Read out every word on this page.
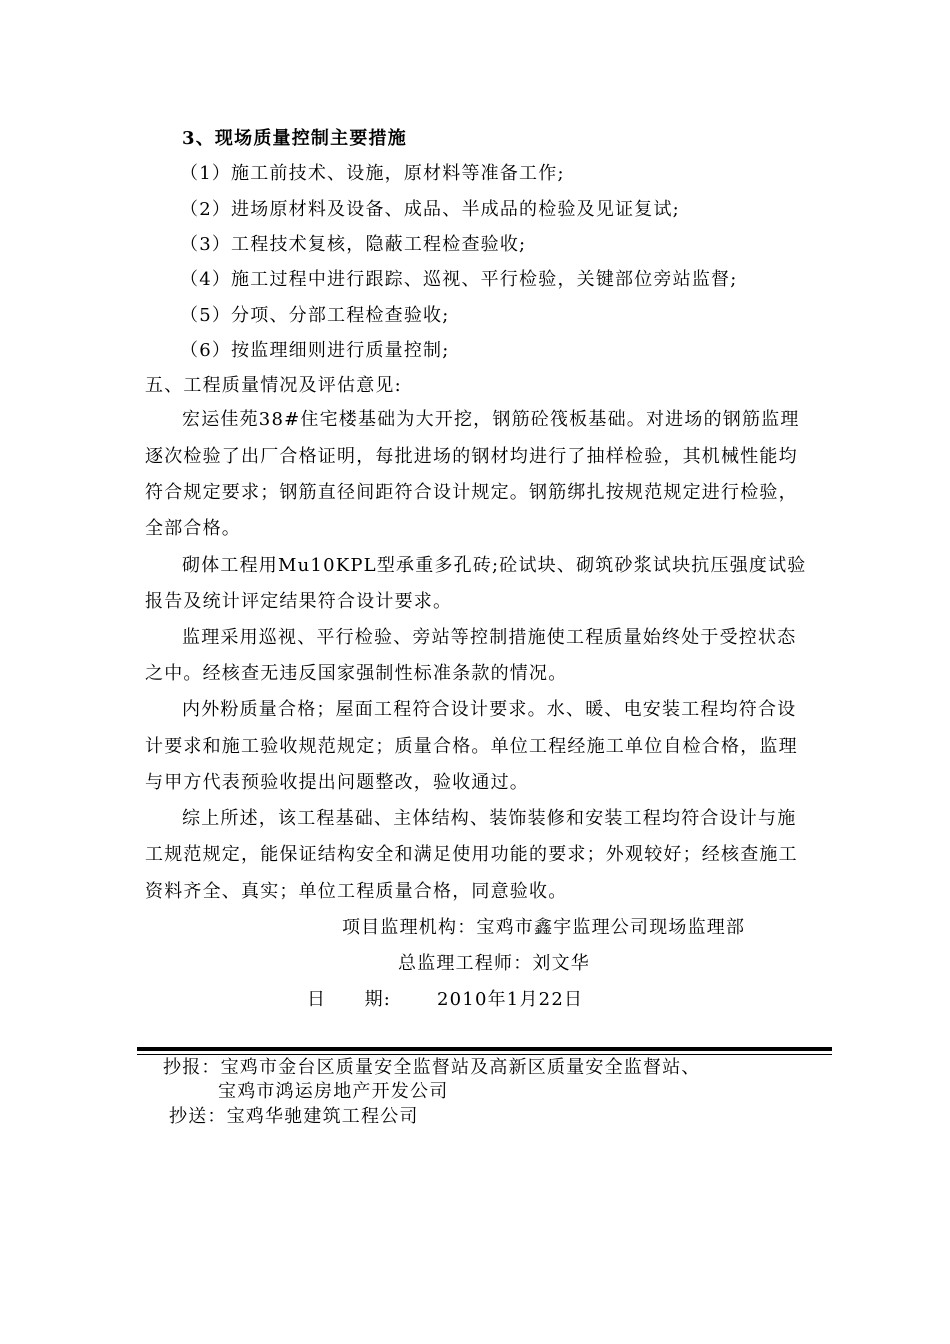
3、现场质量控制主要措施
（1）施工前技术、设施，原材料等准备工作;
（2）进场原材料及设备、成品、半成品的检验及见证复试;
（3）工程技术复核，隐蔽工程检查验收;
（4）施工过程中进行跟踪、巡视、平行检验，关键部位旁站监督;
（5）分项、分部工程检查验收;
（6）按监理细则进行质量控制;
五、工程质量情况及评估意见:
宏运佳苑38#住宅楼基础为大开挖，钢筋砼筏板基础。对进场的钢筋监理
逐次检验了出厂合格证明，每批进场的钢材均进行了抽样检验，其机械性能均
符合规定要求；钢筋直径间距符合设计规定。钢筋绑扎按规范规定进行检验，
全部合格。
砌体工程用Mu10KPL型承重多孔砖;砼试块、砌筑砂浆试块抗压强度试验
报告及统计评定结果符合设计要求。
监理采用巡视、平行检验、旁站等控制措施使工程质量始终处于受控状态
之中。经核查无违反国家强制性标准条款的情况。
内外粉质量合格；屋面工程符合设计要求。水、暖、电安装工程均符合设
计要求和施工验收规范规定；质量合格。单位工程经施工单位自检合格，监理
与甲方代表预验收提出问题整改，验收通过。
综上所述，该工程基础、主体结构、装饰装修和安装工程均符合设计与施
工规范规定，能保证结构安全和满足使用功能的要求；外观较好；经核查施工
资料齐全、真实；单位工程质量合格，同意验收。
项目监理机构：宝鸡市鑫宇监理公司现场监理部
总监理工程师：刘文华
日　　期:	2010年1月22日
抄报：宝鸡市金台区质量安全监督站及高新区质量安全监督站、
宝鸡市鸿运房地产开发公司
抄送：宝鸡华驰建筑工程公司
